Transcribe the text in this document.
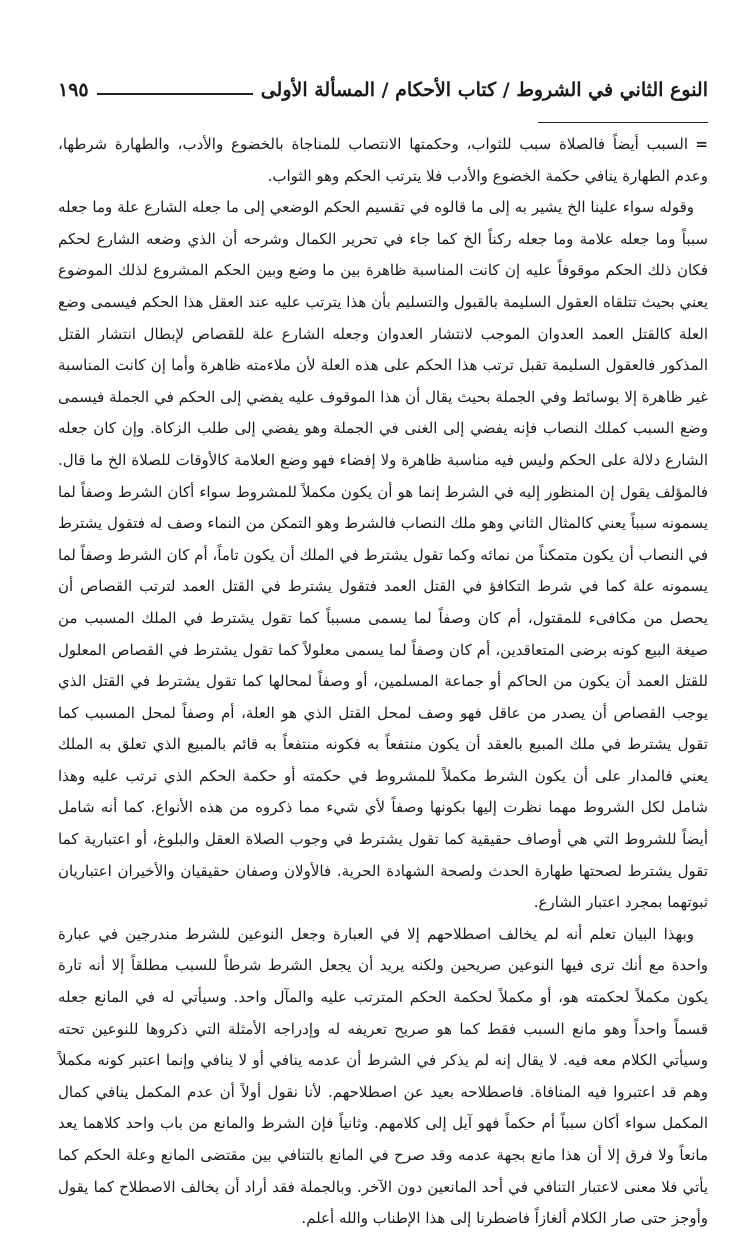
النوع الثاني في الشروط / كتاب الأحكام / المسألة الأولى
١٩٥

=السبب أيضاً فالصلاة سبب للثواب، وحكمتها الانتصاب للمناجاة بالخضوع والأدب، والطهارة شرطها، وعدم الطهارة ينافي حكمة الخضوع والأدب فلا يترتب الحكم وهو الثواب.

وقوله سواء علينا الخ يشير به إلى ما قالوه في تقسيم الحكم الوضعي إلى ما جعله الشارع علة وما جعله سبباً وما جعله علامة وما جعله ركناً الخ كما جاء في تحرير الكمال وشرحه أن الذي وضعه الشارع لحكم فكان ذلك الحكم موقوفاً عليه إن كانت المناسبة ظاهرة بين ما وضع وبين الحكم المشروع لذلك الموضوع يعني بحيث تتلقاه العقول السليمة بالقبول والتسليم بأن هذا يترتب عليه عند العقل هذا الحكم فيسمى وضع العلة كالقتل العمد العدوان الموجب لانتشار العدوان وجعله الشارع علة للقصاص لإبطال انتشار القتل المذكور فالعقول السليمة تقبل ترتب هذا الحكم على هذه العلة لأن ملاءمته ظاهرة وأما إن كانت المناسبة غير ظاهرة إلا بوسائط وفي الجملة بحيث يقال أن هذا الموقوف عليه يفضي إلى الحكم في الجملة فيسمى وضع السبب كملك النصاب فإنه يفضي إلى الغنى في الجملة وهو يفضي إلى طلب الزكاة. وإن كان جعله الشارع دلالة على الحكم وليس فيه مناسبة ظاهرة ولا إفضاء فهو وضع العلامة كالأوقات للصلاة الخ ما قال. فالمؤلف يقول إن المنظور إليه في الشرط إنما هو أن يكون مكملاً للمشروط سواء أكان الشرط وصفاً لما يسمونه سبباً يعني كالمثال الثاني وهو ملك النصاب فالشرط وهو التمكن من النماء وصف له فتقول يشترط في النصاب أن يكون متمكناً من نمائه وكما تقول يشترط في الملك أن يكون تاماً، أم كان الشرط وصفاً لما يسمونه علة كما في شرط التكافؤ في القتل العمد فتقول يشترط في القتل العمد لترتب القصاص أن يحصل من مكافىء للمقتول، أم كان وصفاً لما يسمى مسبباً كما تقول يشترط في الملك المسبب من صيغة البيع كونه برضى المتعاقدين، أم كان وصفاً لما يسمى معلولاً كما تقول يشترط في القصاص المعلول للقتل العمد أن يكون من الحاكم أو جماعة المسلمين، أو وصفاً لمحالها كما تقول يشترط في القتل الذي يوجب القصاص أن يصدر من عاقل فهو وصف لمحل القتل الذي هو العلة، أم وصفاً لمحل المسبب كما تقول يشترط في ملك المبيع بالعقد أن يكون منتفعاً به فكونه منتفعاً به قائم بالمبيع الذي تعلق به الملك يعني فالمدار على أن يكون الشرط مكملاً للمشروط في حكمته أو حكمة الحكم الذي ترتب عليه وهذا شامل لكل الشروط مهما نظرت إليها بكونها وصفاً لأي شيء مما ذكروه من هذه الأنواع. كما أنه شامل أيضاً للشروط التي هي أوصاف حقيقية كما تقول يشترط في وجوب الصلاة العقل والبلوغ، أو اعتبارية كما تقول يشترط لصحتها طهارة الحدث ولصحة الشهادة الحرية. فالأولان وصفان حقيقيان والأخيران اعتباريان ثبوتهما بمجرد اعتبار الشارع.

وبهذا البيان تعلم أنه لم يخالف اصطلاحهم إلا في العبارة وجعل النوعين للشرط مندرجين في عبارة واحدة مع أنك ترى فيها النوعين صريحين ولكنه يريد أن يجعل الشرط شرطاً للسبب مطلقاً إلا أنه تارة يكون مكملاً لحكمته هو، أو مكملاً لحكمة الحكم المترتب عليه والمآل واحد. وسيأتي له في المانع جعله قسماً واحداً وهو مانع السبب فقط كما هو صريح تعريفه له وإدراجه الأمثلة التي ذكروها للنوعين تحته وسيأتي الكلام معه فيه. لا يقال إنه لم يذكر في الشرط أن عدمه ينافي أو لا ينافي وإنما اعتبر كونه مكملاً وهم قد اعتبروا فيه المنافاة. فاصطلاحه بعيد عن اصطلاحهم. لأنا نقول أولاً أن عدم المكمل ينافي كمال المكمل سواء أكان سبباً أم حكماً فهو آيل إلى كلامهم. وثانياً فإن الشرط والمانع من باب واحد كلاهما يعد مانعاً ولا فرق إلا أن هذا مانع بجهة عدمه وقد صرح في المانع بالتنافي بين مقتضى المانع وعلة الحكم كما يأتي فلا معنى لاعتبار التنافي في أحد المانعين دون الآخر. وبالجملة فقد أراد أن يخالف الاصطلاح كما يقول وأوجز حتى صار الكلام ألغازاً فاضطرنا إلى هذا الإطناب والله أعلم.
